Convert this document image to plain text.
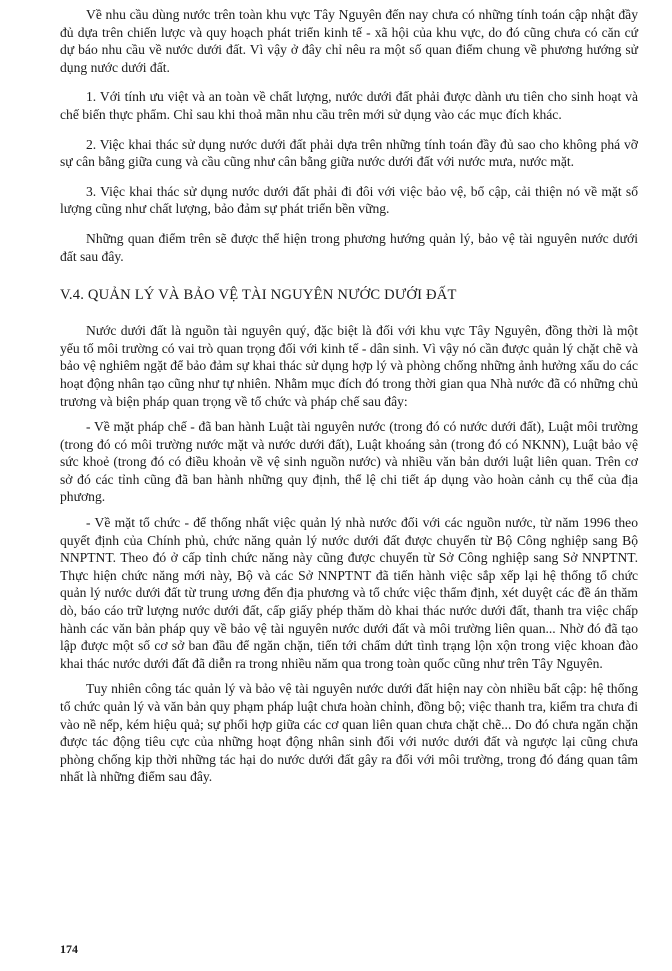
Về nhu cầu dùng nước trên toàn khu vực Tây Nguyên đến nay chưa có những tính toán cập nhật đầy đủ dựa trên chiến lược và quy hoạch phát triển kinh tế - xã hội của khu vực, do đó cũng chưa có căn cứ dự báo nhu cầu về nước dưới đất. Vì vậy ở đây chỉ nêu ra một số quan điểm chung về phương hướng sử dụng nước dưới đất.

1. Với tính ưu việt và an toàn về chất lượng, nước dưới đất phải được dành ưu tiên cho sinh hoạt và chế biến thực phẩm. Chỉ sau khi thoả mãn nhu cầu trên mới sử dụng vào các mục đích khác.

2. Việc khai thác sử dụng nước dưới đất phải dựa trên những tính toán đầy đủ sao cho không phá vỡ sự cân bằng giữa cung và cầu cũng như cân bằng giữa nước dưới đất với nước mưa, nước mặt.

3. Việc khai thác sử dụng nước dưới đất phải đi đôi với việc bảo vệ, bổ cập, cải thiện nó về mặt số lượng cũng như chất lượng, bảo đảm sự phát triển bền vững.

Những quan điểm trên sẽ được thể hiện trong phương hướng quản lý, bảo vệ tài nguyên nước dưới đất sau đây.

V.4. QUẢN LÝ VÀ BẢO VỆ TÀI NGUYÊN NƯỚC DƯỚI ĐẤT

Nước dưới đất là nguồn tài nguyên quý, đặc biệt là đối với khu vực Tây Nguyên, đồng thời là một yếu tố môi trường có vai trò quan trọng đối với kinh tế - dân sinh. Vì vậy nó cần được quản lý chặt chẽ và bảo vệ nghiêm ngặt để bảo đảm sự khai thác sử dụng hợp lý và phòng chống những ảnh hưởng xấu do các hoạt động nhân tạo cũng như tự nhiên. Nhằm mục đích đó trong thời gian qua Nhà nước đã có những chủ trương và biện pháp quan trọng về tổ chức và pháp chế sau đây:

- Về mặt pháp chế - đã ban hành Luật tài nguyên nước (trong đó có nước dưới đất), Luật môi trường (trong đó có môi trường nước mặt và nước dưới đất), Luật khoáng sản (trong đó có NKNN), Luật bảo vệ sức khoẻ (trong đó có điều khoản về vệ sinh nguồn nước) và nhiều văn bản dưới luật liên quan. Trên cơ sở đó các tỉnh cũng đã ban hành những quy định, thể lệ chi tiết áp dụng vào hoàn cảnh cụ thể của địa phương.

- Về mặt tổ chức - để thống nhất việc quản lý nhà nước đối với các nguồn nước, từ năm 1996 theo quyết định của Chính phủ, chức năng quản lý nước dưới đất được chuyển từ Bộ Công nghiệp sang Bộ NNPTNT. Theo đó ở cấp tỉnh chức năng này cũng được chuyển từ Sở Công nghiệp sang Sở NNPTNT. Thực hiện chức năng mới này, Bộ và các Sở NNPTNT đã tiến hành việc sắp xếp lại hệ thống tổ chức quản lý nước dưới đất từ trung ương đến địa phương và tổ chức việc thẩm định, xét duyệt các đề án thăm dò, báo cáo trữ lượng nước dưới đất, cấp giấy phép thăm dò khai thác nước dưới đất, thanh tra việc chấp hành các văn bản pháp quy về bảo vệ tài nguyên nước dưới đất và môi trường liên quan... Nhờ đó đã tạo lập được một số cơ sở ban đầu để ngăn chặn, tiến tới chấm dứt tình trạng lộn xộn trong việc khoan đào khai thác nước dưới đất đã diễn ra trong nhiều năm qua trong toàn quốc cũng như trên Tây Nguyên.

Tuy nhiên công tác quản lý và bảo vệ tài nguyên nước dưới đất hiện nay còn nhiều bất cập: hệ thống tổ chức quản lý và văn bản quy phạm pháp luật chưa hoàn chỉnh, đồng bộ; việc thanh tra, kiểm tra chưa đi vào nề nếp, kém hiệu quả; sự phối hợp giữa các cơ quan liên quan chưa chặt chẽ... Do đó chưa ngăn chặn được tác động tiêu cực của những hoạt động nhân sinh đối với nước dưới đất và ngược lại cũng chưa phòng chống kịp thời những tác hại do nước dưới đất gây ra đối với môi trường, trong đó đáng quan tâm nhất là những điểm sau đây.

174
